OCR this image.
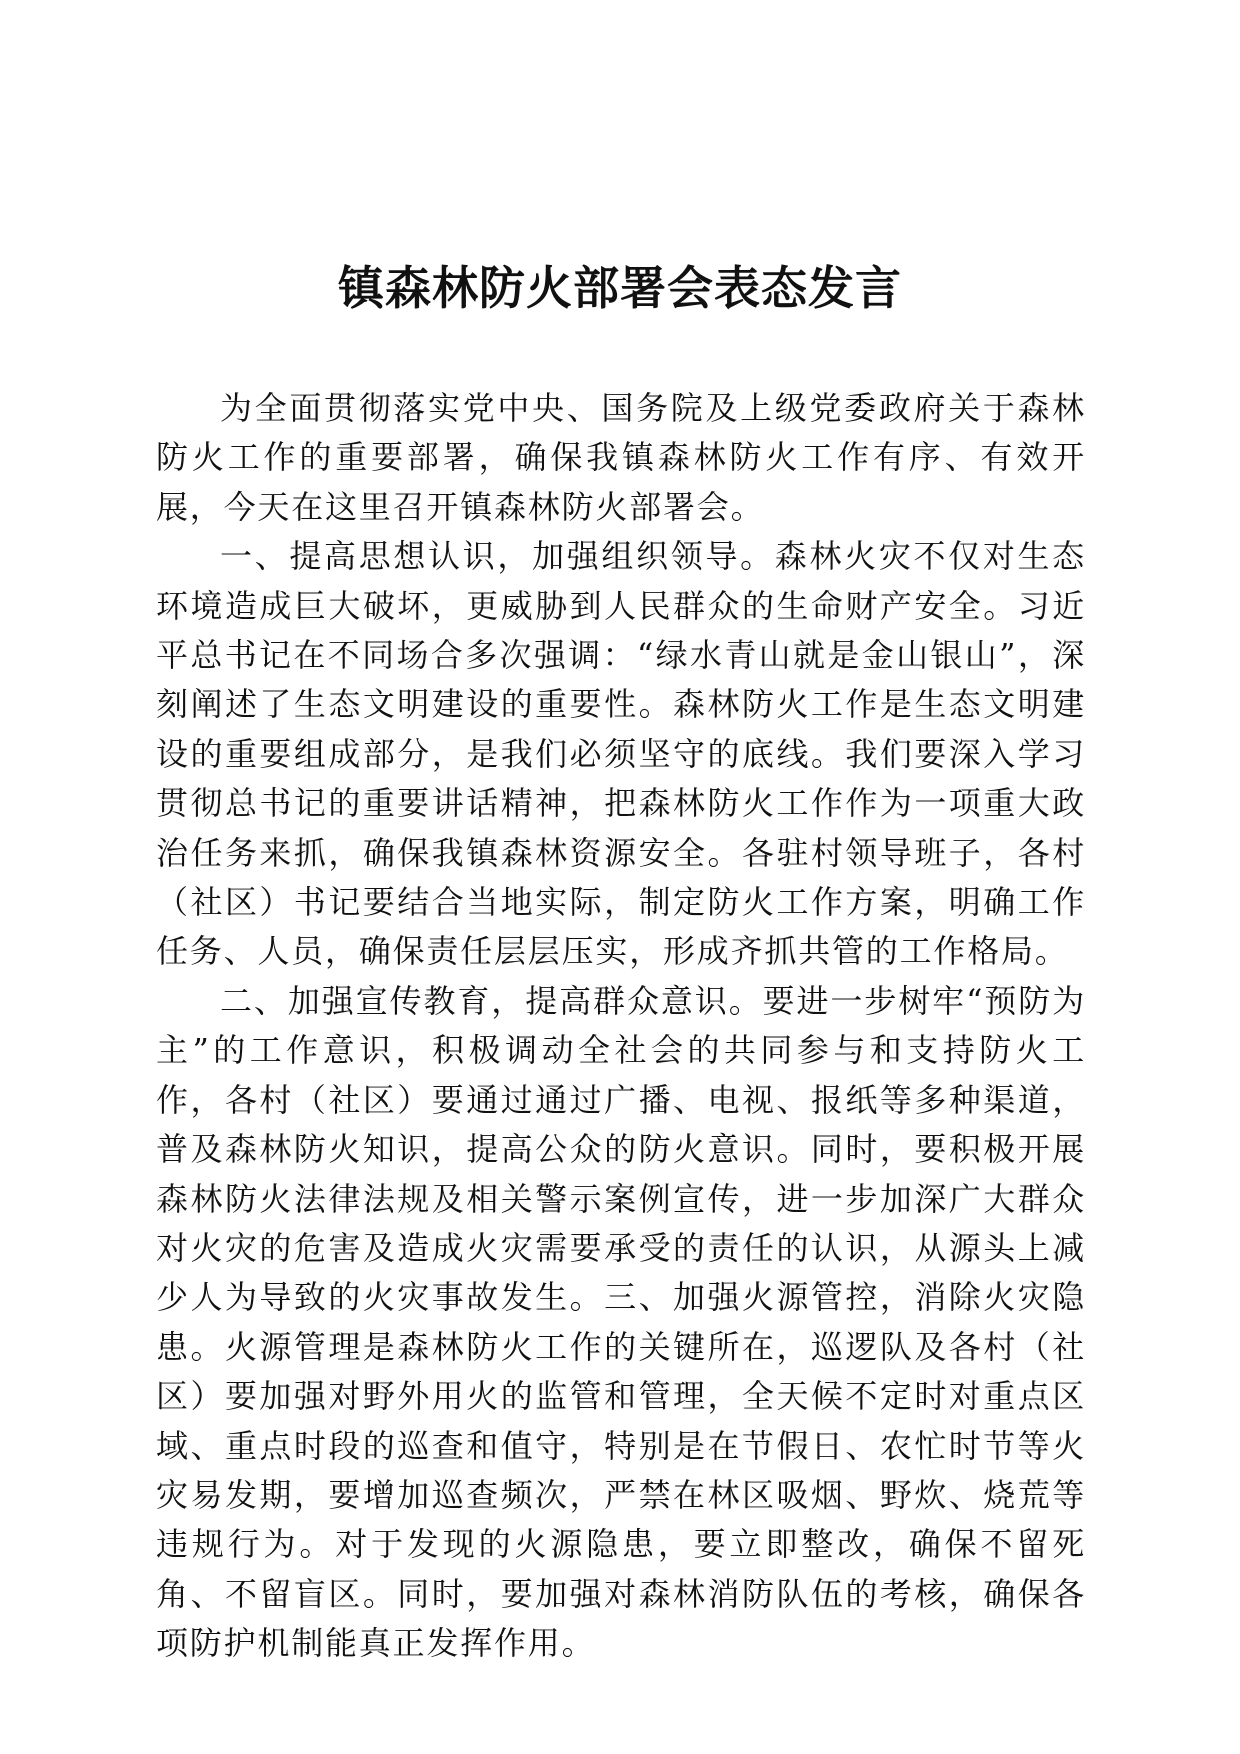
镇森林防火部署会表态发言

为全面贯彻落实党中央、国务院及上级党委政府关于森林防火工作的重要部署，确保我镇森林防火工作有序、有效开展，今天在这里召开镇森林防火部署会。

一、提高思想认识，加强组织领导。森林火灾不仅对生态环境造成巨大破坏，更威胁到人民群众的生命财产安全。习近平总书记在不同场合多次强调：“绿水青山就是金山银山”，深刻阐述了生态文明建设的重要性。森林防火工作是生态文明建设的重要组成部分，是我们必须坚守的底线。我们要深入学习贯彻总书记的重要讲话精神，把森林防火工作作为一项重大政治任务来抓，确保我镇森林资源安全。各驻村领导班子，各村（社区）书记要结合当地实际，制定防火工作方案，明确工作任务、人员，确保责任层层压实，形成齐抓共管的工作格局。

二、加强宣传教育，提高群众意识。要进一步树牢“预防为主”的工作意识，积极调动全社会的共同参与和支持防火工作，各村（社区）要通过通过广播、电视、报纸等多种渠道，普及森林防火知识，提高公众的防火意识。同时，要积极开展森林防火法律法规及相关警示案例宣传，进一步加深广大群众对火灾的危害及造成火灾需要承受的责任的认识，从源头上减少人为导致的火灾事故发生。三、加强火源管控，消除火灾隐患。火源管理是森林防火工作的关键所在，巡逻队及各村（社区）要加强对野外用火的监管和管理，全天候不定时对重点区域、重点时段的巡查和值守，特别是在节假日、农忙时节等火灾易发期，要增加巡查频次，严禁在林区吸烟、野炊、烧荒等违规行为。对于发现的火源隐患，要立即整改，确保不留死角、不留盲区。同时，要加强对森林消防队伍的考核，确保各项防护机制能真正发挥作用。
